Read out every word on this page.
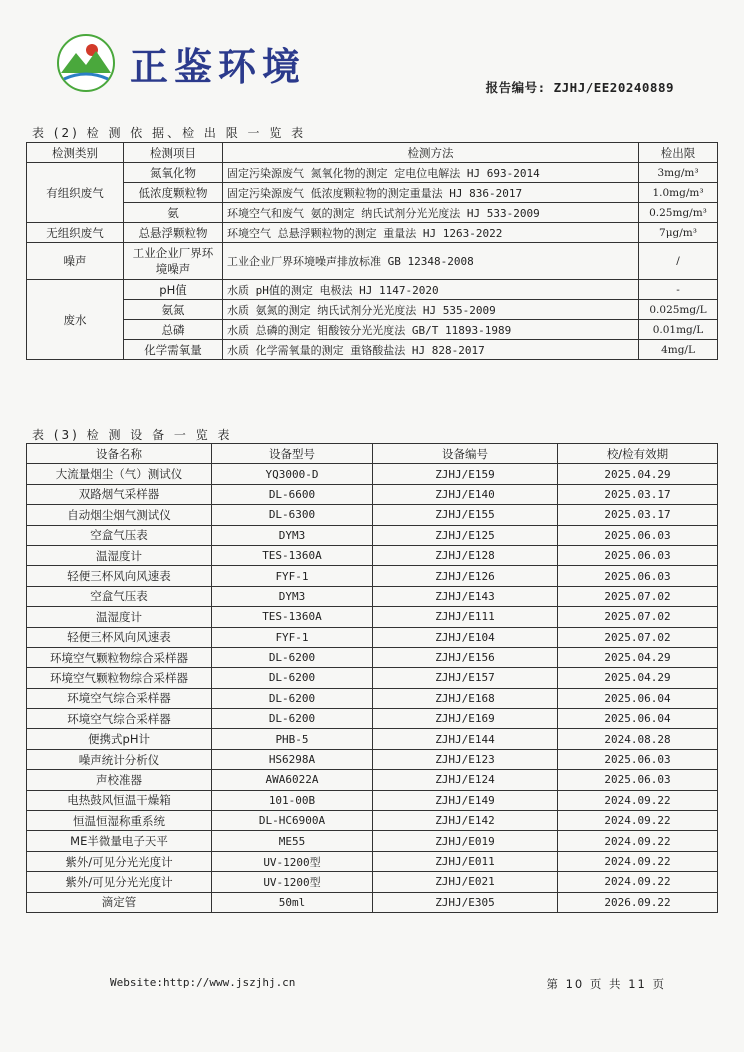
正鉴环境	报告编号: ZJHJ/EE20240889
表 (2) 检 测 依 据、检 出 限 一 览 表
检测类别	检测项目	检测方法	检出限
有组织废气	氮氧化物	固定污染源废气 氮氧化物的测定 定电位电解法 HJ 693-2014	3mg/m³
	低浓度颗粒物	固定污染源废气 低浓度颗粒物的测定重量法 HJ 836-2017	1.0mg/m³
	氨	环境空气和废气 氨的测定 纳氏试剂分光光度法 HJ 533-2009	0.25mg/m³
无组织废气	总悬浮颗粒物	环境空气 总悬浮颗粒物的测定 重量法 HJ 1263-2022	7μg/m³
噪声	工业企业厂界环境噪声	工业企业厂界环境噪声排放标准 GB 12348-2008	/
废水	pH值	水质 pH值的测定 电极法 HJ 1147-2020	-
	氨氮	水质 氨氮的测定 纳氏试剂分光光度法 HJ 535-2009	0.025mg/L
	总磷	水质 总磷的测定 钼酸铵分光光度法 GB/T 11893-1989	0.01mg/L
	化学需氧量	水质 化学需氧量的测定 重铬酸盐法 HJ 828-2017	4mg/L
表 (3) 检 测 设 备 一 览 表
设备名称	设备型号	设备编号	校/检有效期
大流量烟尘（气）测试仪	YQ3000-D	ZJHJ/E159	2025.04.29
双路烟气采样器	DL-6600	ZJHJ/E140	2025.03.17
自动烟尘烟气测试仪	DL-6300	ZJHJ/E155	2025.03.17
空盒气压表	DYM3	ZJHJ/E125	2025.06.03
温湿度计	TES-1360A	ZJHJ/E128	2025.06.03
轻便三杯风向风速表	FYF-1	ZJHJ/E126	2025.06.03
空盒气压表	DYM3	ZJHJ/E143	2025.07.02
温湿度计	TES-1360A	ZJHJ/E111	2025.07.02
轻便三杯风向风速表	FYF-1	ZJHJ/E104	2025.07.02
环境空气颗粒物综合采样器	DL-6200	ZJHJ/E156	2025.04.29
环境空气颗粒物综合采样器	DL-6200	ZJHJ/E157	2025.04.29
环境空气综合采样器	DL-6200	ZJHJ/E168	2025.06.04
环境空气综合采样器	DL-6200	ZJHJ/E169	2025.06.04
便携式pH计	PHB-5	ZJHJ/E144	2024.08.28
噪声统计分析仪	HS6298A	ZJHJ/E123	2025.06.03
声校准器	AWA6022A	ZJHJ/E124	2025.06.03
电热鼓风恒温干燥箱	101-00B	ZJHJ/E149	2024.09.22
恒温恒湿称重系统	DL-HC6900A	ZJHJ/E142	2024.09.22
ME半微量电子天平	ME55	ZJHJ/E019	2024.09.22
紫外/可见分光光度计	UV-1200型	ZJHJ/E011	2024.09.22
紫外/可见分光光度计	UV-1200型	ZJHJ/E021	2024.09.22
滴定管	50ml	ZJHJ/E305	2026.09.22
Website:http://www.jszjhj.cn	第 10 页 共 11 页
